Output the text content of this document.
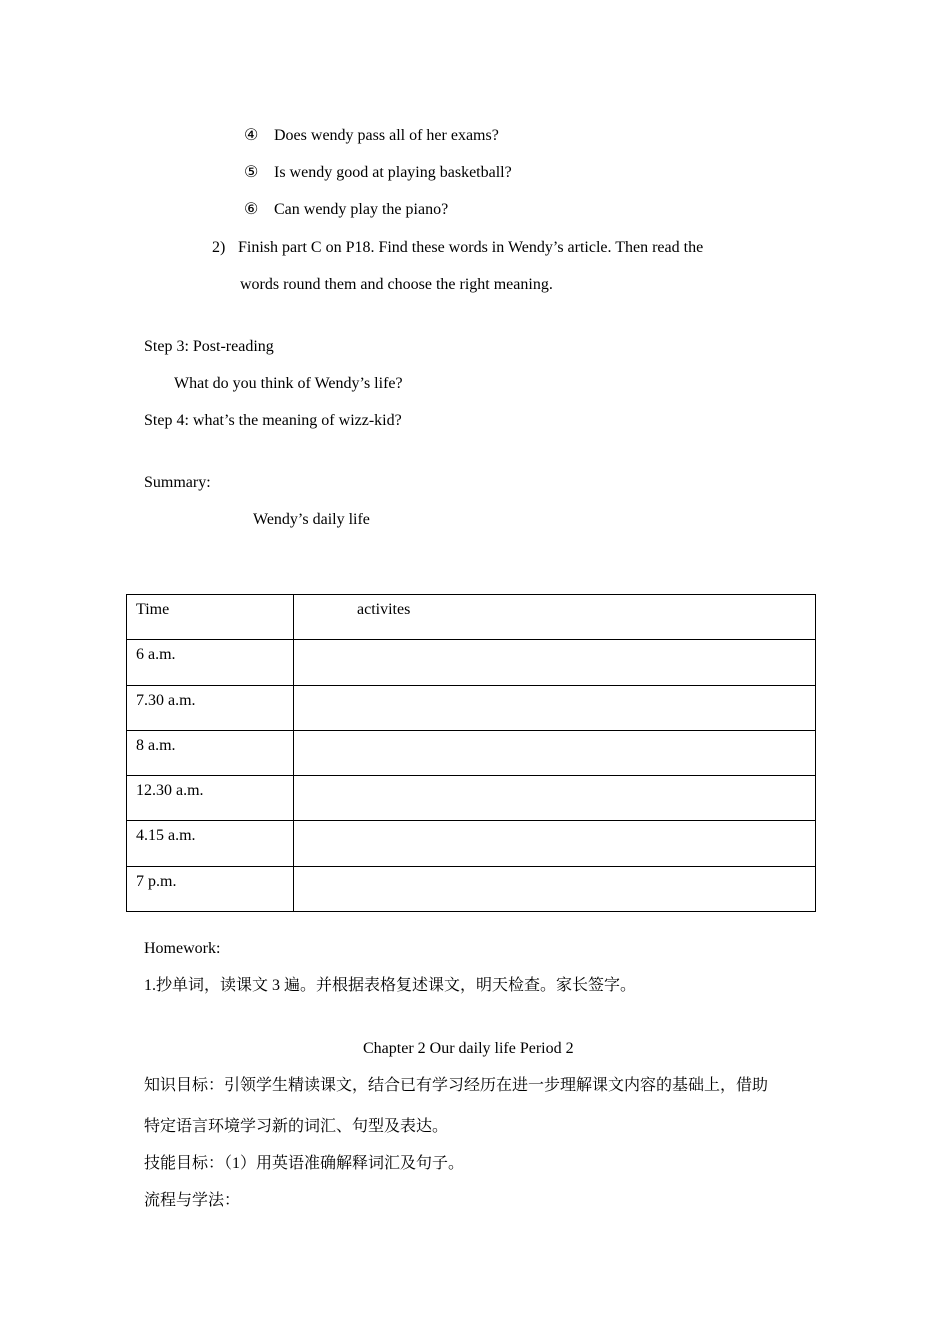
④ Does wendy pass all of her exams?
⑤ Is wendy good at playing basketball?
⑥ Can wendy play the piano?
2) Finish part C on P18. Find these words in Wendy’s article. Then read the
words round them and choose the right meaning.
Step 3: Post-reading
What do you think of Wendy’s life?
Step 4: what’s the meaning of wizz-kid?
Summary:
Wendy’s daily life
Time	activites
6 a.m.	
7.30 a.m.	
8 a.m.	
12.30 a.m.	
4.15 a.m.	
7 p.m.	
Homework:
1.抄单词，读课文 3 遍。并根据表格复述课文，明天检查。家长签字。
Chapter 2 Our daily life Period 2
知识目标：引领学生精读课文，结合已有学习经历在进一步理解课文内容的基础上，借助
特定语言环境学习新的词汇、句型及表达。
技能目标：（1）用英语准确解释词汇及句子。
流程与学法：
